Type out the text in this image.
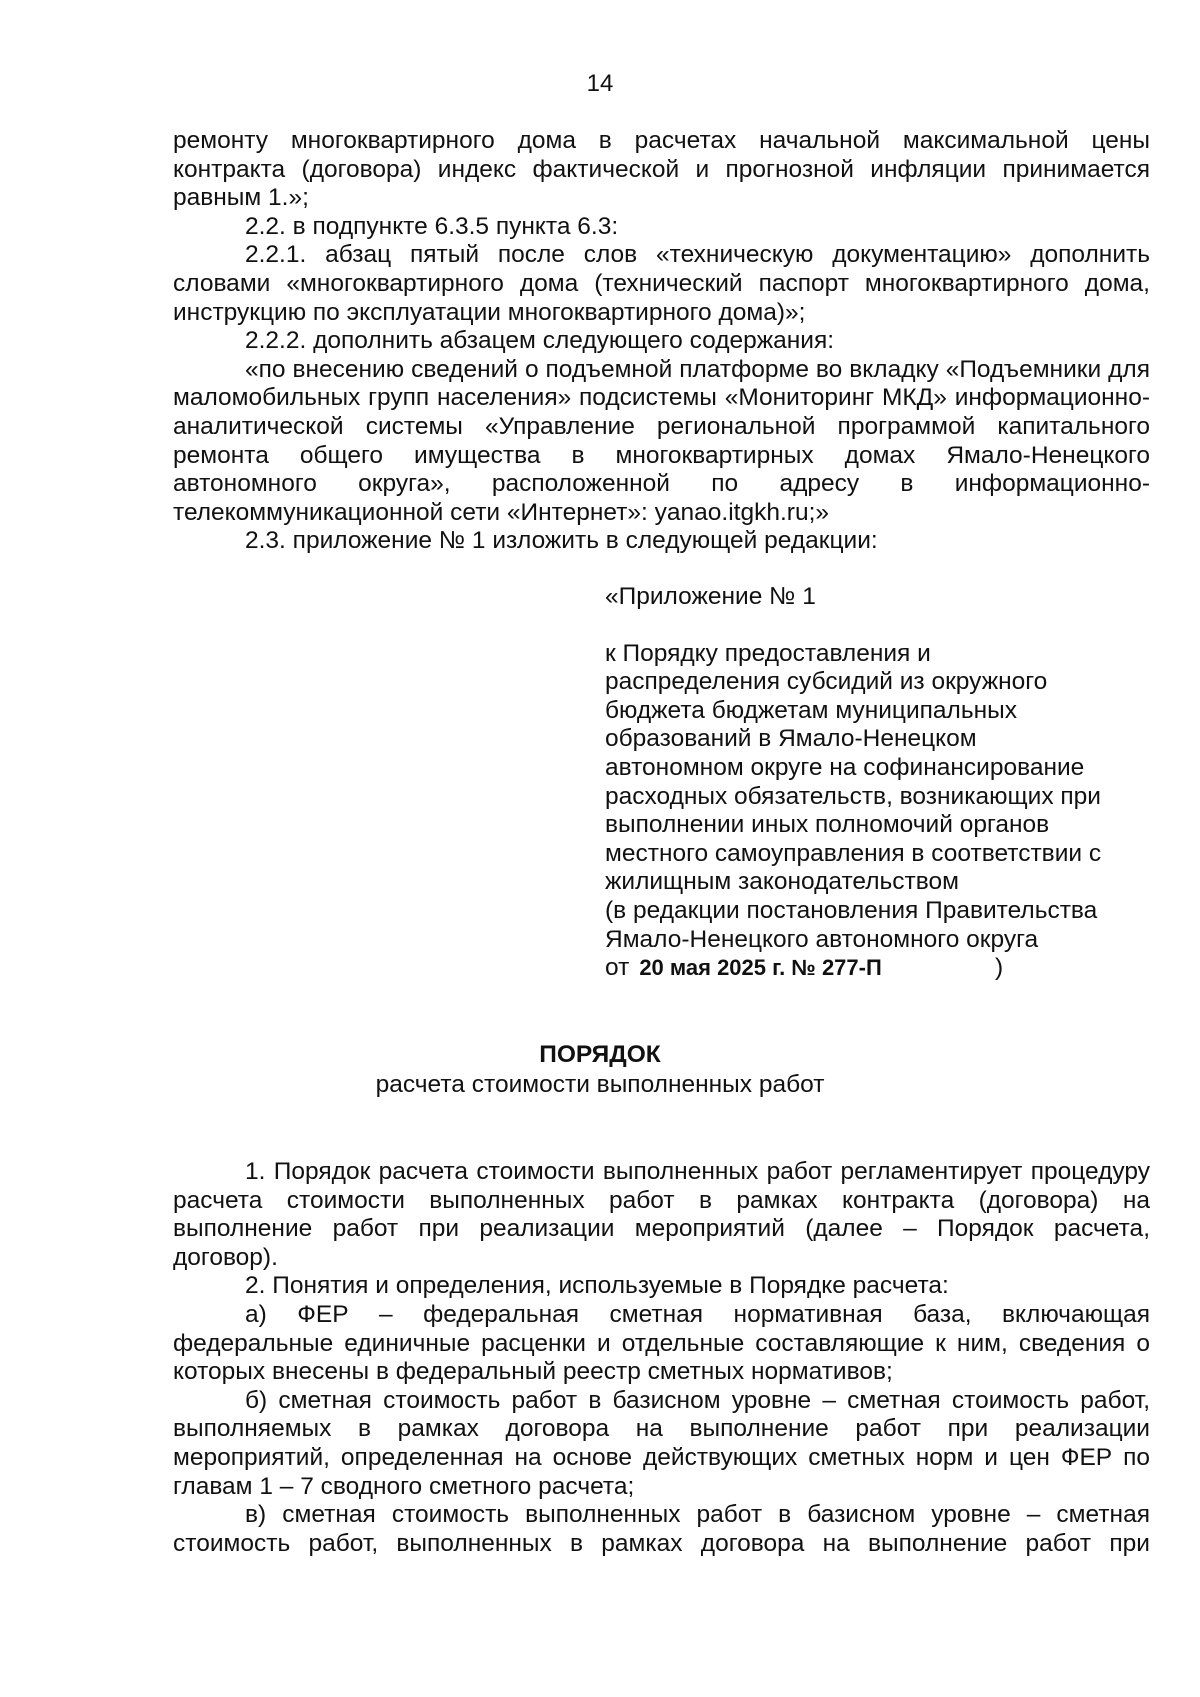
14

ремонту многоквартирного дома в расчетах начальной максимальной цены контракта (договора) индекс фактической и прогнозной инфляции принимается равным 1.»;

2.2. в подпункте 6.3.5 пункта 6.3:

2.2.1. абзац пятый после слов «техническую документацию» дополнить словами «многоквартирного дома (технический паспорт многоквартирного дома, инструкцию по эксплуатации многоквартирного дома)»;

2.2.2. дополнить абзацем следующего содержания:

«по внесению сведений о подъемной платформе во вкладку «Подъемники для маломобильных групп населения» подсистемы «Мониторинг МКД» информационно-аналитической системы «Управление региональной программой капитального ремонта общего имущества в многоквартирных домах Ямало-Ненецкого автономного округа», расположенной по адресу в информационно-телекоммуникационной сети «Интернет»: yanao.itgkh.ru;»

2.3. приложение № 1 изложить в следующей редакции:

«Приложение № 1

к Порядку предоставления и

распределения субсидий из окружного

бюджета бюджетам муниципальных

образований в Ямало-Ненецком

автономном округе на софинансирование

расходных обязательств, возникающих при

выполнении иных полномочий органов

местного самоуправления в соответствии с

жилищным законодательством

(в редакции постановления Правительства

Ямало-Ненецкого автономного округа

от 20 мая 2025 г. № 277-П	)

ПОРЯДОК
расчета стоимости выполненных работ

1. Порядок расчета стоимости выполненных работ регламентирует процедуру расчета стоимости выполненных работ в рамках контракта (договора) на выполнение работ при реализации мероприятий (далее – Порядок расчета, договор).

2. Понятия и определения, используемые в Порядке расчета:

а) ФЕР – федеральная сметная нормативная база, включающая федеральные единичные расценки и отдельные составляющие к ним, сведения о которых внесены в федеральный реестр сметных нормативов;

б) сметная стоимость работ в базисном уровне – сметная стоимость работ, выполняемых в рамках договора на выполнение работ при реализации мероприятий, определенная на основе действующих сметных норм и цен ФЕР по главам 1 – 7 сводного сметного расчета;

в) сметная стоимость выполненных работ в базисном уровне – сметная стоимость работ, выполненных в рамках договора на выполнение работ при
